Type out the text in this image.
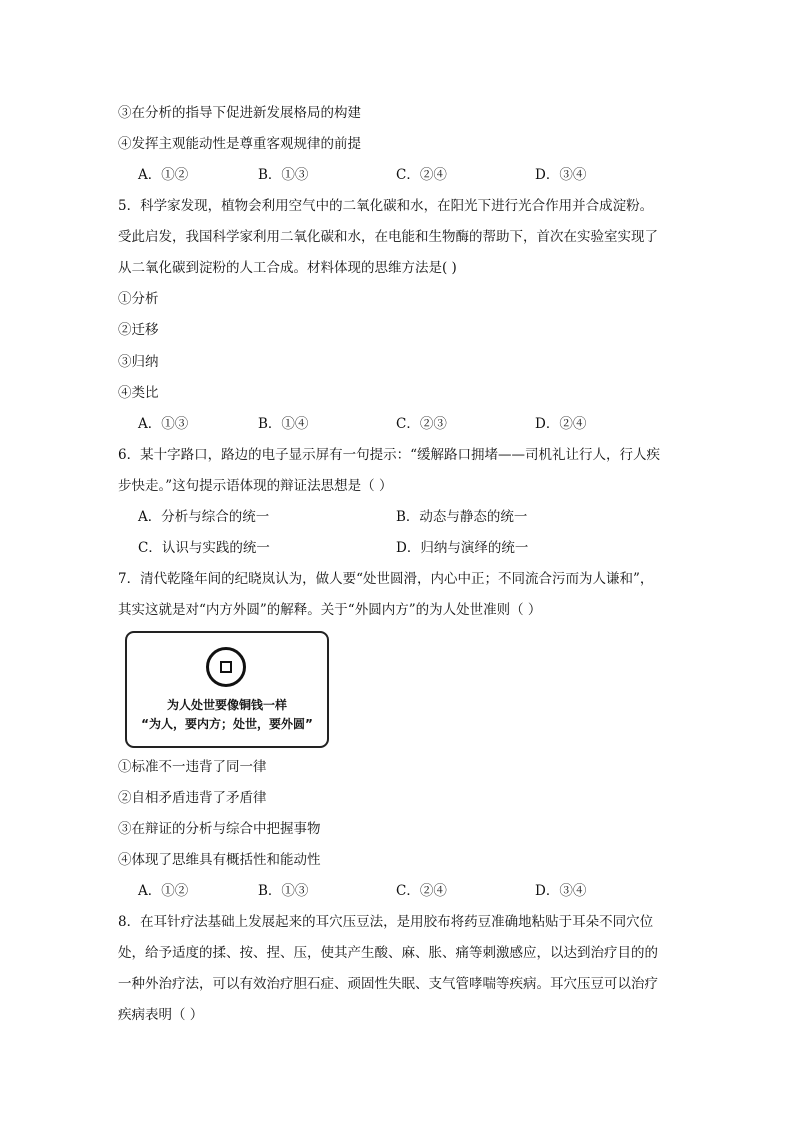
③在分析的指导下促进新发展格局的构建
④发挥主观能动性是尊重客观规律的前提
A．①②	B．①③	C．②④	D．③④
5．科学家发现，植物会利用空气中的二氧化碳和水，在阳光下进行光合作用并合成淀粉。
受此启发，我国科学家利用二氧化碳和水，在电能和生物酶的帮助下，首次在实验室实现了
从二氧化碳到淀粉的人工合成。材料体现的思维方法是( )
①分析
②迁移
③归纳
④类比
A．①③	B．①④	C．②③	D．②④
6．某十字路口，路边的电子显示屏有一句提示：“缓解路口拥堵——司机礼让行人，行人疾
步快走。”这句提示语体现的辩证法思想是（ ）
A．分析与综合的统一	B．动态与静态的统一
C．认识与实践的统一	D．归纳与演绎的统一
7．清代乾隆年间的纪晓岚认为，做人要“处世圆滑，内心中正；不同流合污而为人谦和”，
其实这就是对“内方外圆”的解释。关于“外圆内方”的为人处世准则（ ）
为人处世要像铜钱一样
“为人，要内方；处世，要外圆”
①标准不一违背了同一律
②自相矛盾违背了矛盾律
③在辩证的分析与综合中把握事物
④体现了思维具有概括性和能动性
A．①②	B．①③	C．②④	D．③④
8．在耳针疗法基础上发展起来的耳穴压豆法，是用胶布将药豆准确地粘贴于耳朵不同穴位
处，给予适度的揉、按、捏、压，使其产生酸、麻、胀、痛等刺激感应，以达到治疗目的的
一种外治疗法，可以有效治疗胆石症、顽固性失眠、支气管哮喘等疾病。耳穴压豆可以治疗
疾病表明（ ）
